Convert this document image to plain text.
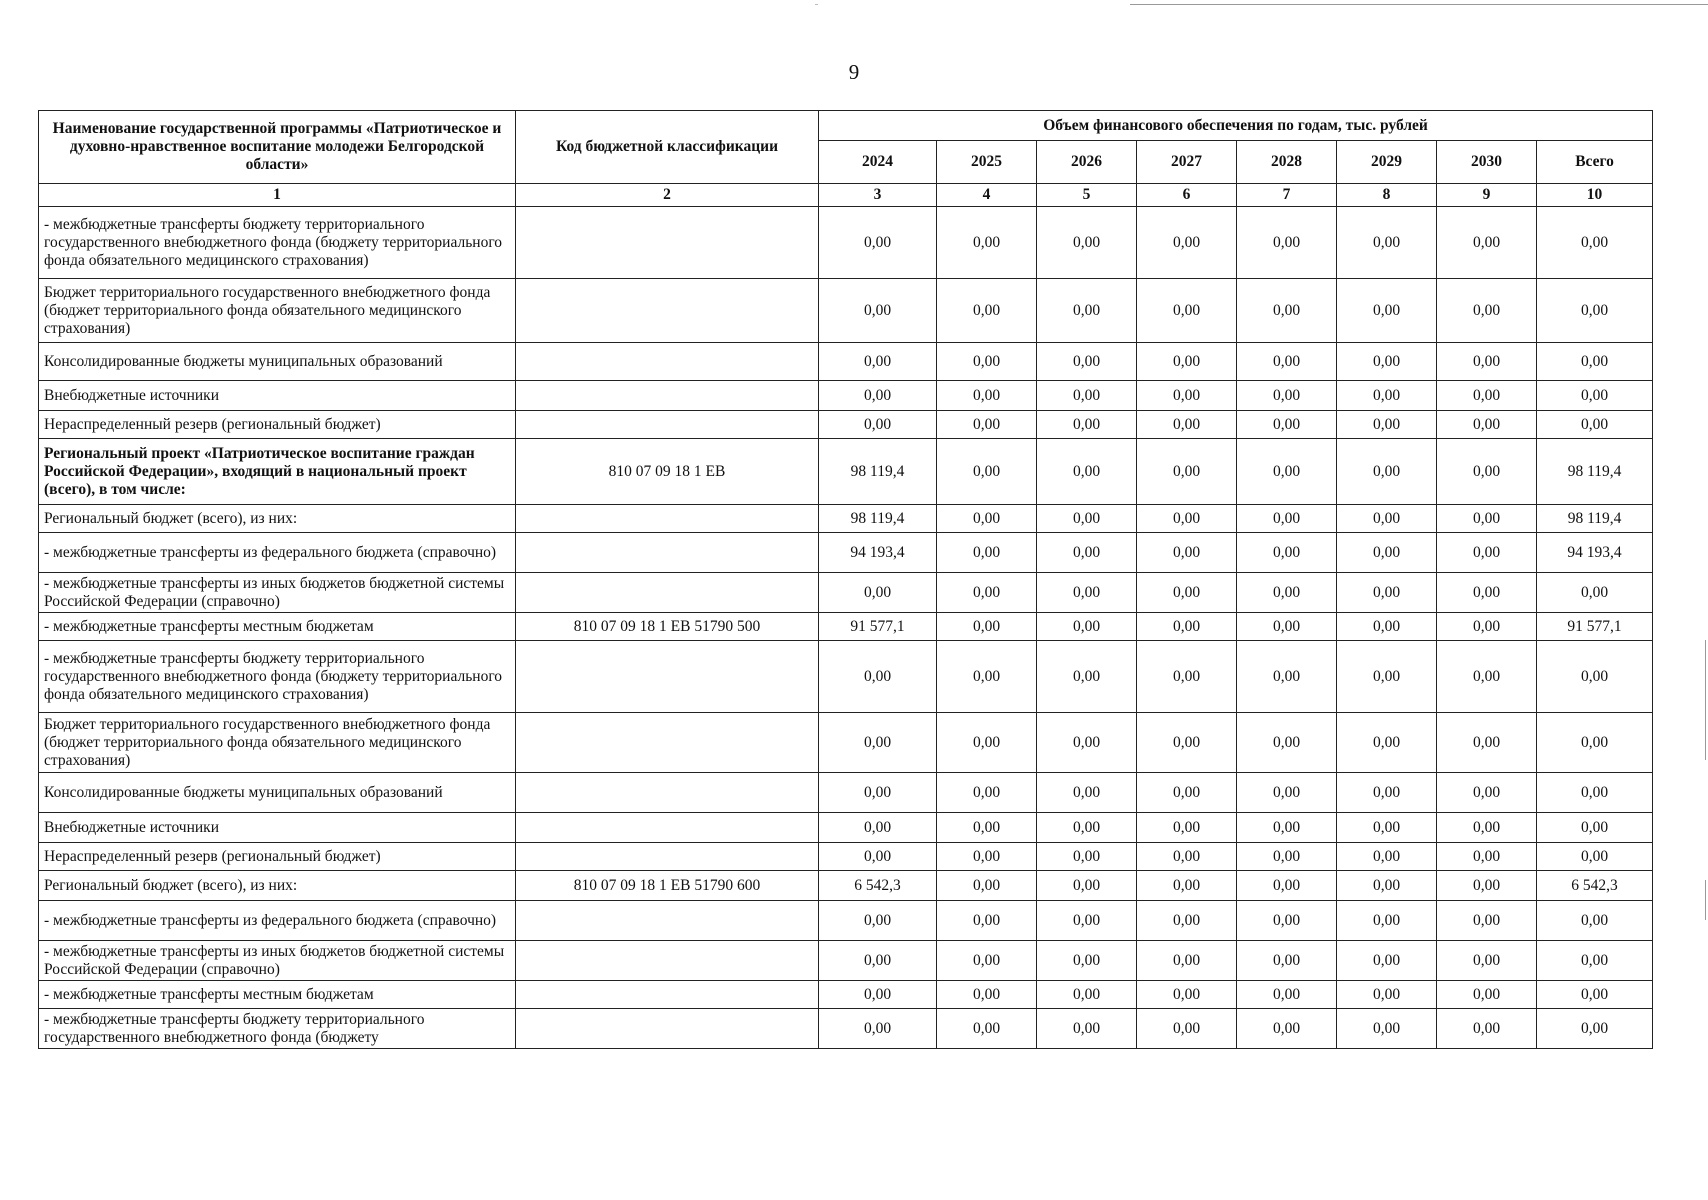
9
Наименование государственной программы «Патриотическое и духовно-нравственное воспитание молодежи Белгородской области»	Код бюджетной классификации	Объем финансового обеспечения по годам, тыс. рублей							
		2024	2025	2026	2027	2028	2029	2030	Всего
1	2	3	4	5	6	7	8	9	10
- межбюджетные трансферты бюджету территориального государственного внебюджетного фонда (бюджету территориального фонда обязательного медицинского страхования)		0,00	0,00	0,00	0,00	0,00	0,00	0,00	0,00
Бюджет территориального государственного внебюджетного фонда (бюджет территориального фонда обязательного медицинского страхования)		0,00	0,00	0,00	0,00	0,00	0,00	0,00	0,00
Консолидированные бюджеты муниципальных образований		0,00	0,00	0,00	0,00	0,00	0,00	0,00	0,00
Внебюджетные источники		0,00	0,00	0,00	0,00	0,00	0,00	0,00	0,00
Нераспределенный резерв (региональный бюджет)		0,00	0,00	0,00	0,00	0,00	0,00	0,00	0,00
Региональный проект «Патриотическое воспитание граждан Российской Федерации», входящий в национальный проект (всего), в том числе:	810 07 09 18 1 ЕВ	98 119,4	0,00	0,00	0,00	0,00	0,00	0,00	98 119,4
Региональный бюджет (всего), из них:		98 119,4	0,00	0,00	0,00	0,00	0,00	0,00	98 119,4
- межбюджетные трансферты из федерального бюджета (справочно)		94 193,4	0,00	0,00	0,00	0,00	0,00	0,00	94 193,4
- межбюджетные трансферты из иных бюджетов бюджетной системы Российской Федерации (справочно)		0,00	0,00	0,00	0,00	0,00	0,00	0,00	0,00
- межбюджетные трансферты местным бюджетам	810 07 09 18 1 ЕВ 51790 500	91 577,1	0,00	0,00	0,00	0,00	0,00	0,00	91 577,1
- межбюджетные трансферты бюджету территориального государственного внебюджетного фонда (бюджету территориального фонда обязательного медицинского страхования)		0,00	0,00	0,00	0,00	0,00	0,00	0,00	0,00
Бюджет территориального государственного внебюджетного фонда (бюджет территориального фонда обязательного медицинского страхования)		0,00	0,00	0,00	0,00	0,00	0,00	0,00	0,00
Консолидированные бюджеты муниципальных образований		0,00	0,00	0,00	0,00	0,00	0,00	0,00	0,00
Внебюджетные источники		0,00	0,00	0,00	0,00	0,00	0,00	0,00	0,00
Нераспределенный резерв (региональный бюджет)		0,00	0,00	0,00	0,00	0,00	0,00	0,00	0,00
Региональный бюджет (всего), из них:	810 07 09 18 1 ЕВ 51790 600	6 542,3	0,00	0,00	0,00	0,00	0,00	0,00	6 542,3
- межбюджетные трансферты из федерального бюджета (справочно)		0,00	0,00	0,00	0,00	0,00	0,00	0,00	0,00
- межбюджетные трансферты из иных бюджетов бюджетной системы Российской Федерации (справочно)		0,00	0,00	0,00	0,00	0,00	0,00	0,00	0,00
- межбюджетные трансферты местным бюджетам		0,00	0,00	0,00	0,00	0,00	0,00	0,00	0,00
- межбюджетные трансферты бюджету территориального государственного внебюджетного фонда (бюджету		0,00	0,00	0,00	0,00	0,00	0,00	0,00	0,00
